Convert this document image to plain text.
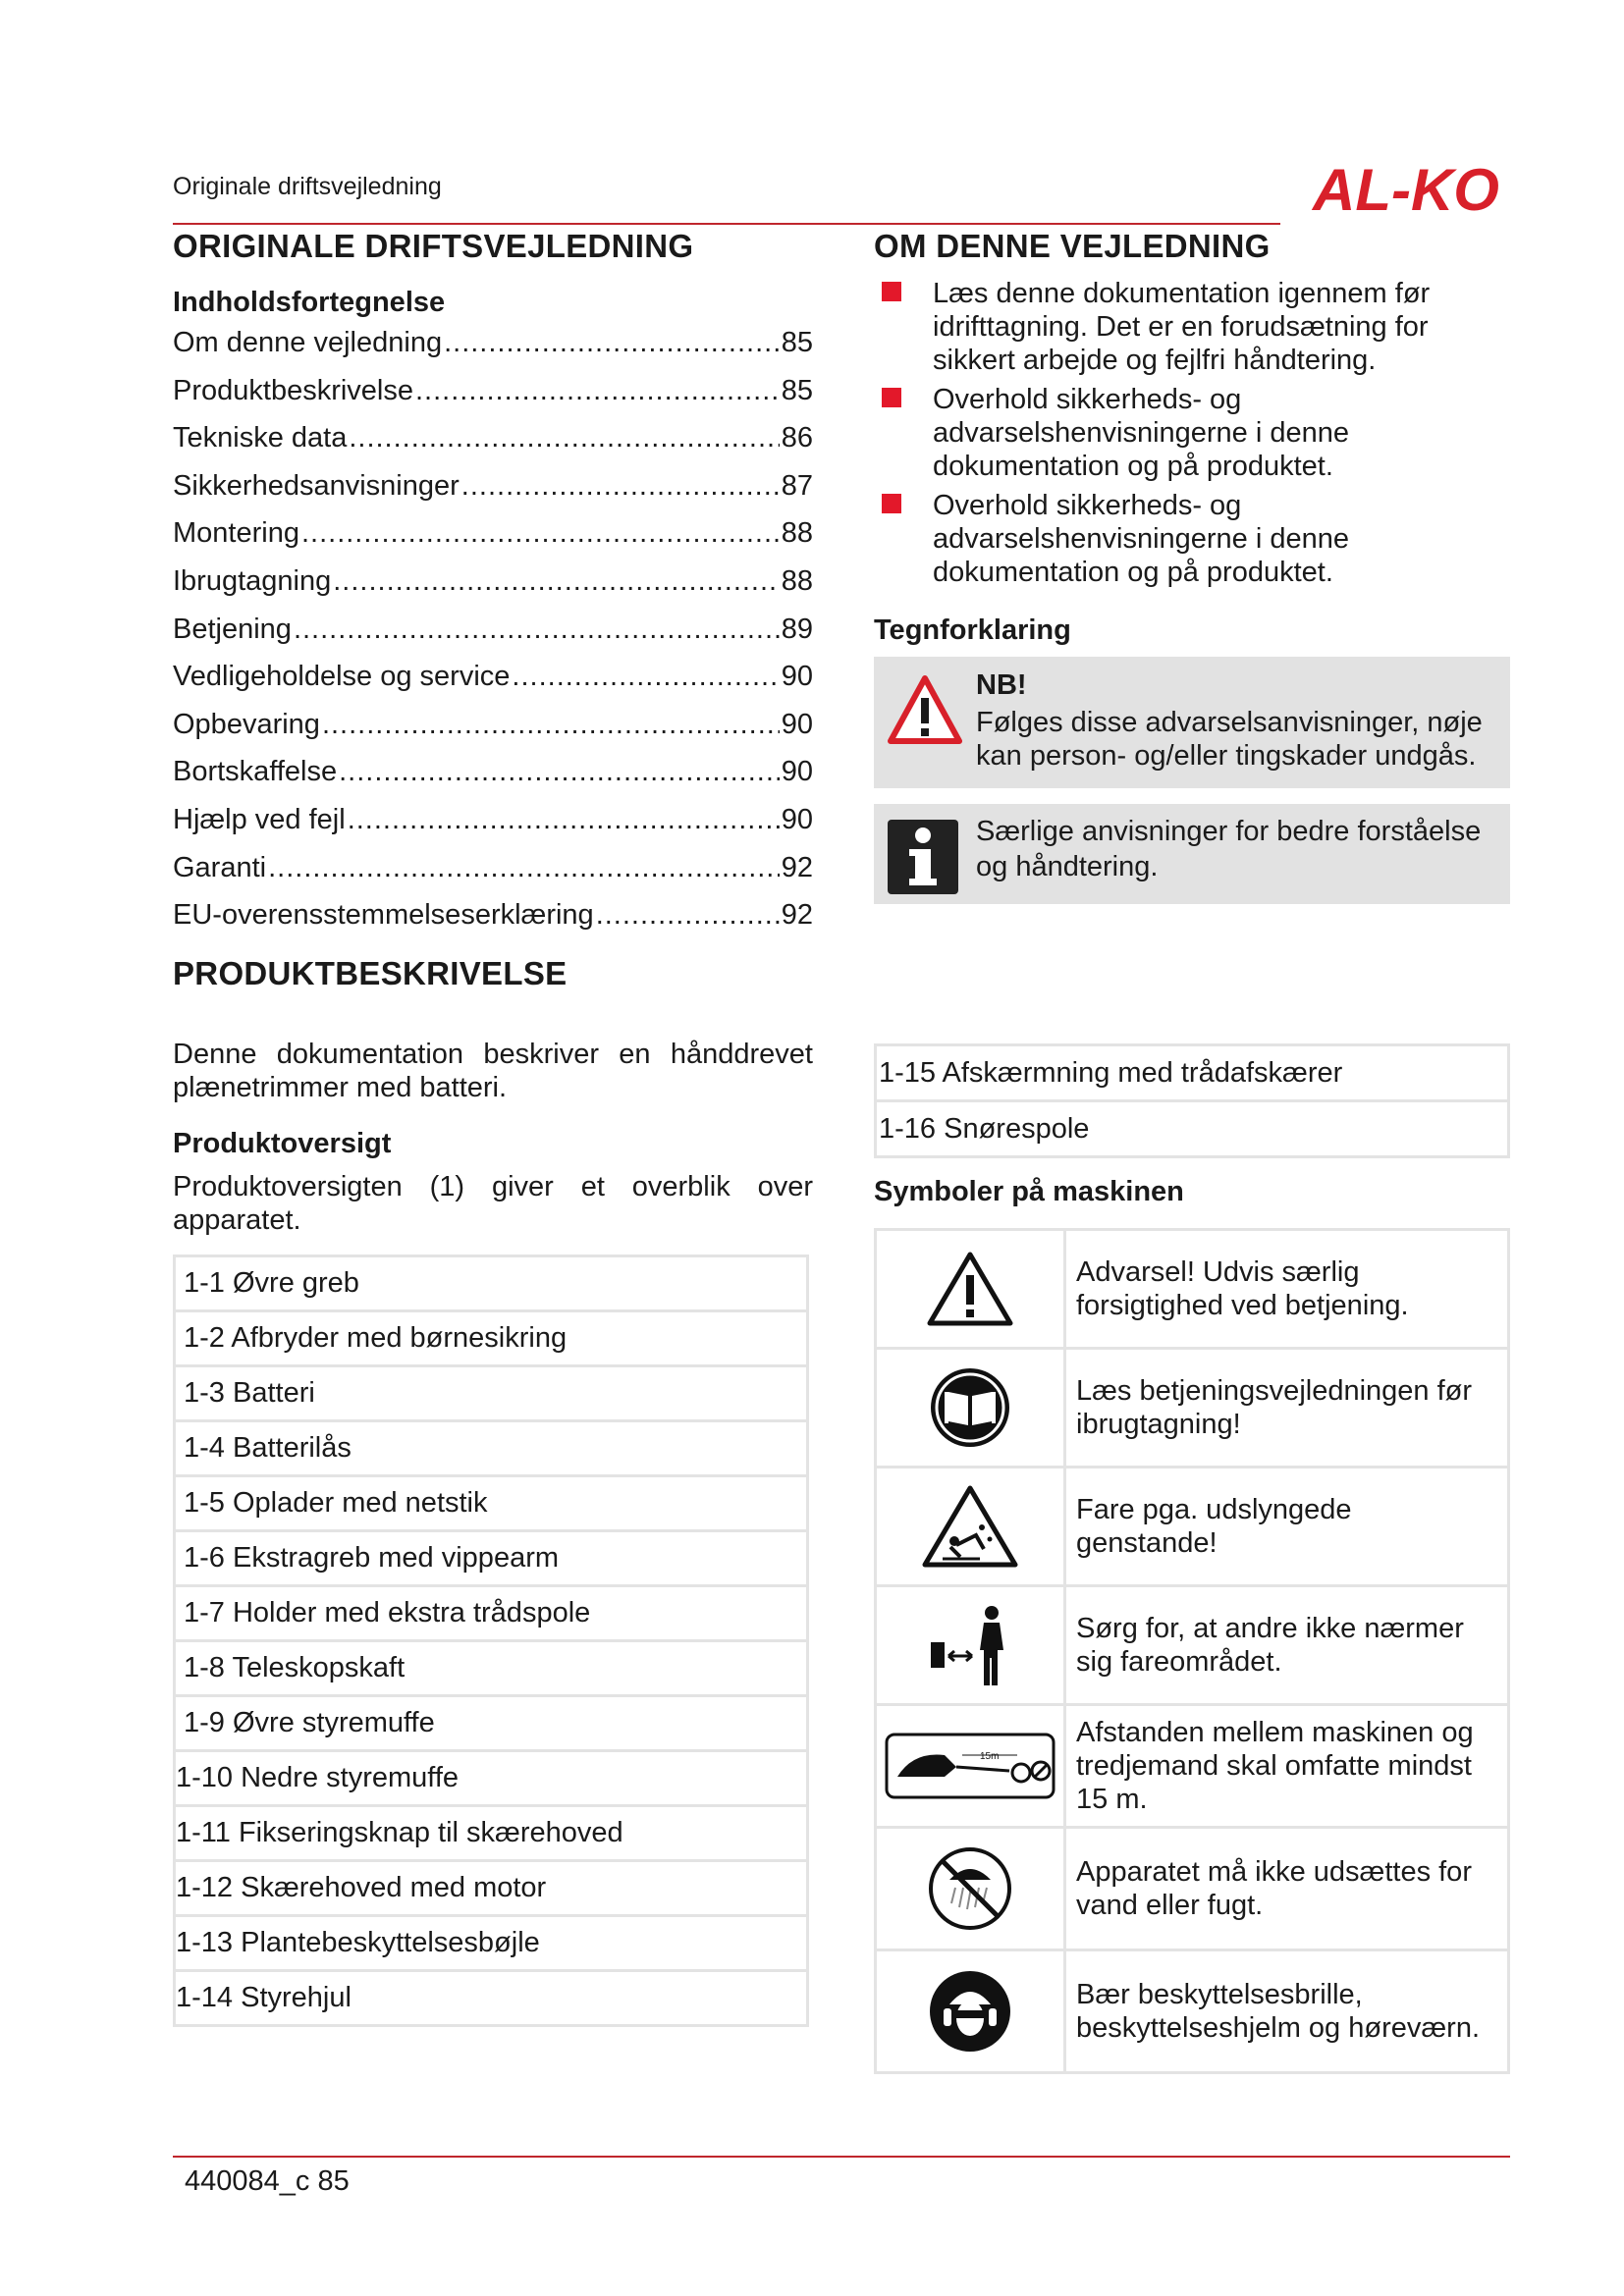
Originale driftsvejledning	AL-KO
ORIGINALE DRIFTSVEJLEDNING
Indholdsfortegnelse
Om denne vejledning .....	85
Produktbeskrivelse .....	85
Tekniske data .....	86
Sikkerhedsanvisninger .....	87
Montering .....	88
Ibrugtagning .....	88
Betjening .....	89
Vedligeholdelse og service .....	90
Opbevaring .....	90
Bortskaffelse .....	90
Hjælp ved fejl .....	90
Garanti .....	92
EU-overensstemmelseserklæring .....	92
PRODUKTBESKRIVELSE

Denne dokumentation beskriver en hånddrevet plænetrimmer med batteri.

Produktoversigt

Produktoversigten (1) giver et overblik over apparatet.

1-1 Øvre greb
1-2 Afbryder med børnesikring
1-3 Batteri
1-4 Batterilås
1-5 Oplader med netstik
1-6 Ekstragreb med vippearm
1-7 Holder med ekstra trådspole
1-8 Teleskopskaft
1-9 Øvre styremuffe
1-10 Nedre styremuffe
1-11 Fikseringsknap til skærehoved
1-12 Skærehoved med motor
1-13 Plantebeskyttelsesbøjle
1-14 Styrehjul
OM DENNE VEJLEDNING
Læs denne dokumentation igennem før idrifttagning. Det er en forudsætning for sikkert arbejde og fejlfri håndtering.
Overhold sikkerheds- og advarselshenvisningerne i denne dokumentation og på produktet.
Overhold sikkerheds- og advarselshenvisningerne i denne dokumentation og på produktet.
Tegnforklaring
NB!
Følges disse advarselsanvisninger, nøje kan person- og/eller tingskader undgås.
Særlige anvisninger for bedre forståelse og håndtering.
1-15 Afskærmning med trådafskærer
1-16 Snørespole
Symboler på maskinen
	Advarsel! Udvis særlig forsigtighed ved betjening.
	Læs betjeningsvejledningen før ibrugtagning!
	Fare pga. udslyngede genstande!
	Sørg for, at andre ikke nærmer sig fareområdet.

15m	Afstanden mellem maskinen og tredjemand skal omfatte mindst 15 m.
	Apparatet må ikke udsættes for vand eller fugt.
	Bær beskyttelsesbrille, beskyttelseshjelm og høreværn.
440084_c 85
